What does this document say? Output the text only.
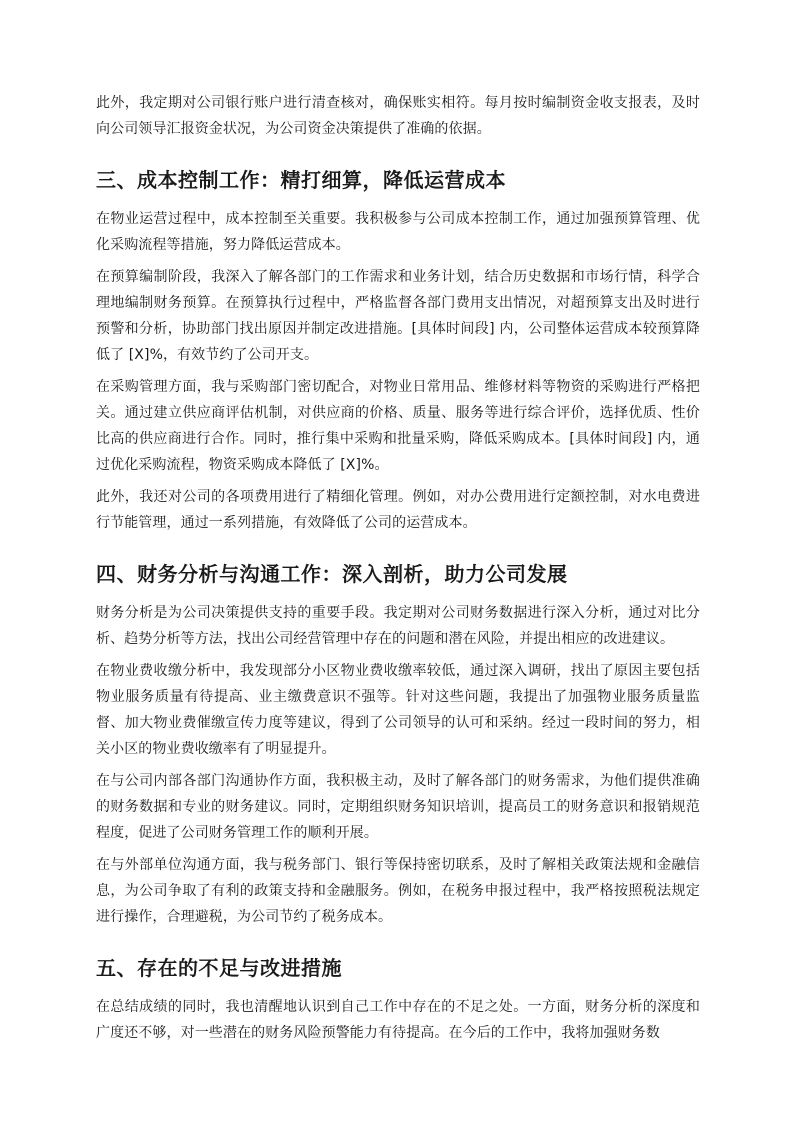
此外，我定期对公司银行账户进行清查核对，确保账实相符。每月按时编制资金收支报表，及时向公司领导汇报资金状况，为公司资金决策提供了准确的依据。

三、成本控制工作：精打细算，降低运营成本

在物业运营过程中，成本控制至关重要。我积极参与公司成本控制工作，通过加强预算管理、优化采购流程等措施，努力降低运营成本。

在预算编制阶段，我深入了解各部门的工作需求和业务计划，结合历史数据和市场行情，科学合理地编制财务预算。在预算执行过程中，严格监督各部门费用支出情况，对超预算支出及时进行预警和分析，协助部门找出原因并制定改进措施。[具体时间段] 内，公司整体运营成本较预算降低了 [X]%，有效节约了公司开支。

在采购管理方面，我与采购部门密切配合，对物业日常用品、维修材料等物资的采购进行严格把关。通过建立供应商评估机制，对供应商的价格、质量、服务等进行综合评价，选择优质、性价比高的供应商进行合作。同时，推行集中采购和批量采购，降低采购成本。[具体时间段] 内，通过优化采购流程，物资采购成本降低了 [X]%。

此外，我还对公司的各项费用进行了精细化管理。例如，对办公费用进行定额控制，对水电费进行节能管理，通过一系列措施，有效降低了公司的运营成本。

四、财务分析与沟通工作：深入剖析，助力公司发展

财务分析是为公司决策提供支持的重要手段。我定期对公司财务数据进行深入分析，通过对比分析、趋势分析等方法，找出公司经营管理中存在的问题和潜在风险，并提出相应的改进建议。

在物业费收缴分析中，我发现部分小区物业费收缴率较低，通过深入调研，找出了原因主要包括物业服务质量有待提高、业主缴费意识不强等。针对这些问题，我提出了加强物业服务质量监督、加大物业费催缴宣传力度等建议，得到了公司领导的认可和采纳。经过一段时间的努力，相关小区的物业费收缴率有了明显提升。

在与公司内部各部门沟通协作方面，我积极主动，及时了解各部门的财务需求，为他们提供准确的财务数据和专业的财务建议。同时，定期组织财务知识培训，提高员工的财务意识和报销规范程度，促进了公司财务管理工作的顺利开展。

在与外部单位沟通方面，我与税务部门、银行等保持密切联系，及时了解相关政策法规和金融信息，为公司争取了有利的政策支持和金融服务。例如，在税务申报过程中，我严格按照税法规定进行操作，合理避税，为公司节约了税务成本。

五、存在的不足与改进措施

在总结成绩的同时，我也清醒地认识到自己工作中存在的不足之处。一方面，财务分析的深度和广度还不够，对一些潜在的财务风险预警能力有待提高。在今后的工作中，我将加强财务数
